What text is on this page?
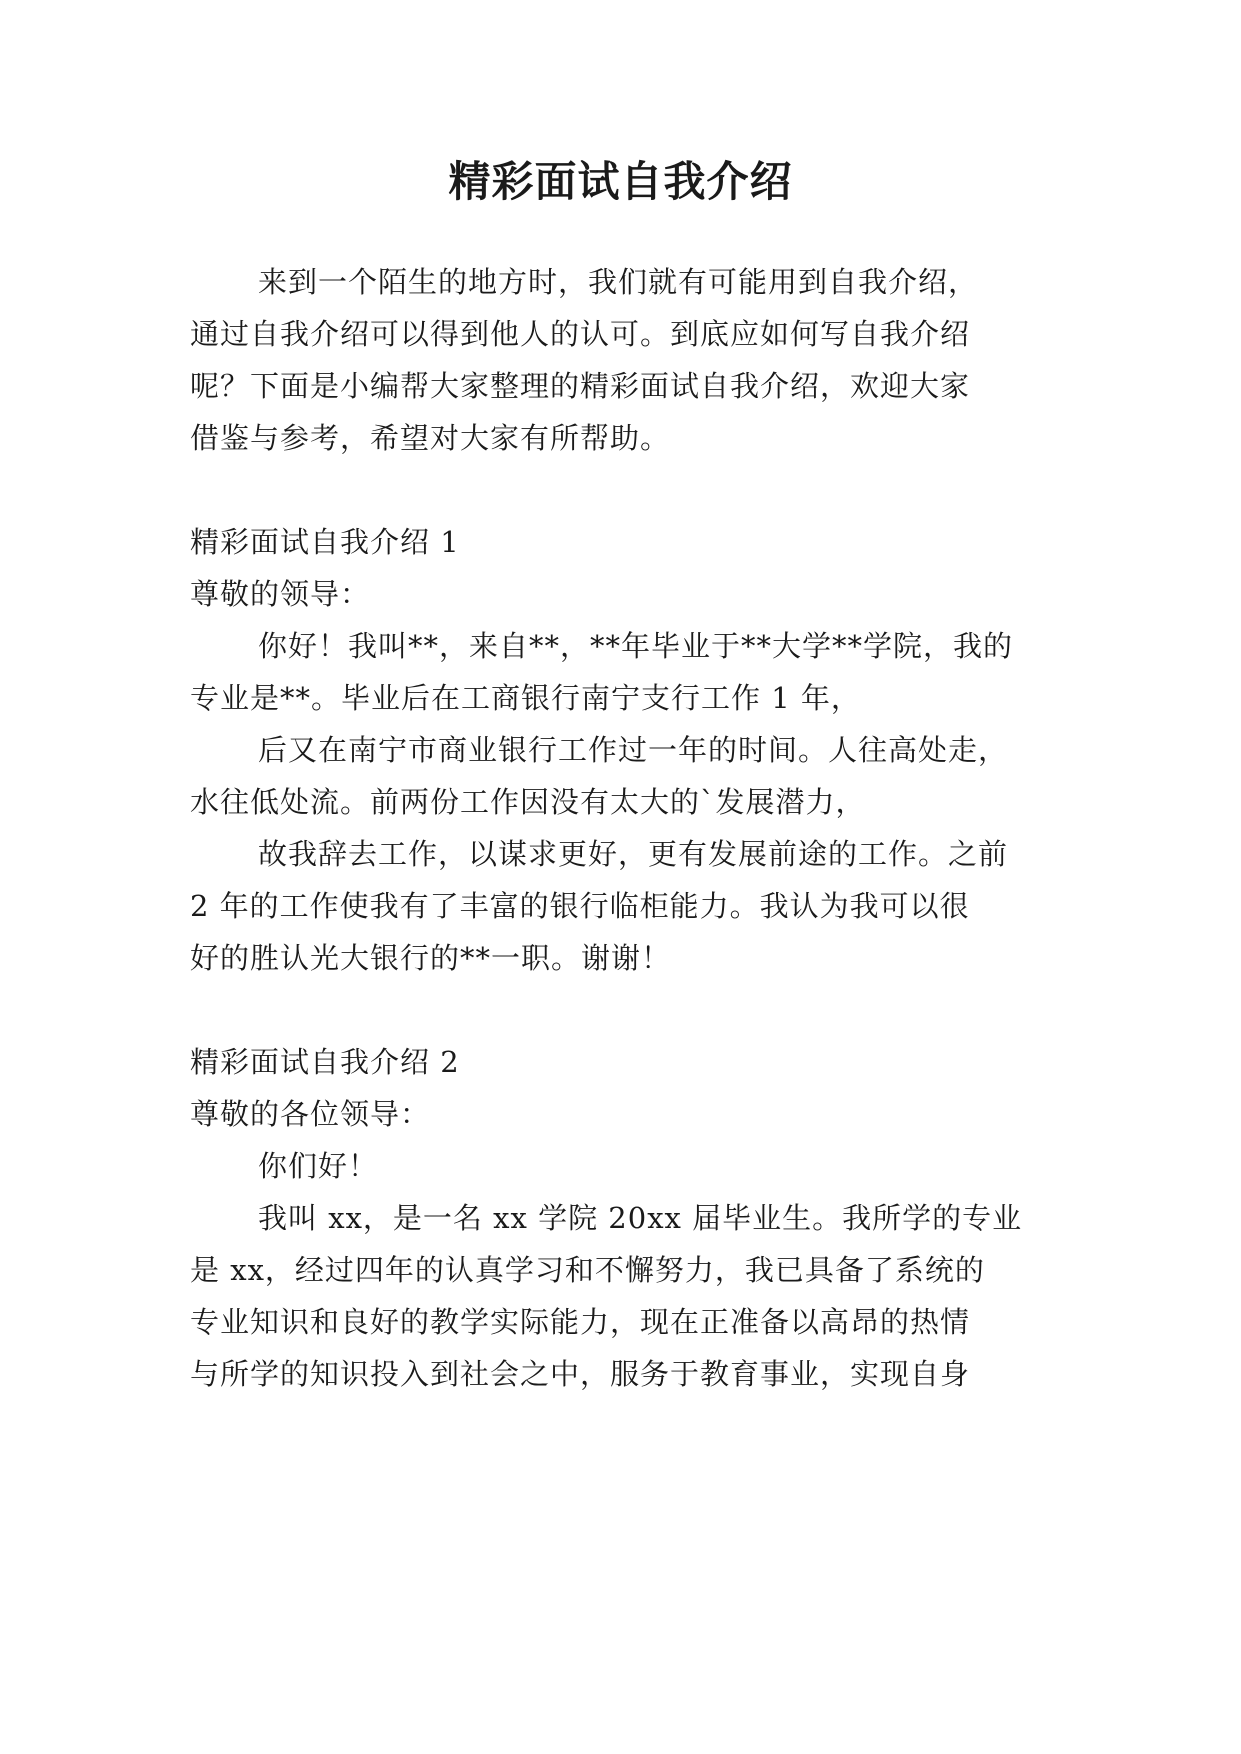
精彩面试自我介绍
来到一个陌生的地方时，我们就有可能用到自我介绍，
通过自我介绍可以得到他人的认可。到底应如何写自我介绍
呢？下面是小编帮大家整理的精彩面试自我介绍，欢迎大家
借鉴与参考，希望对大家有所帮助。
精彩面试自我介绍 1
尊敬的领导：
你好！我叫**，来自**，**年毕业于**大学**学院，我的
专业是**。毕业后在工商银行南宁支行工作 1 年，
后又在南宁市商业银行工作过一年的时间。人往高处走，
水往低处流。前两份工作因没有太大的`发展潜力，
故我辞去工作，以谋求更好，更有发展前途的工作。之前
2 年的工作使我有了丰富的银行临柜能力。我认为我可以很
好的胜认光大银行的**一职。谢谢！
精彩面试自我介绍 2
尊敬的各位领导：
你们好！
我叫 xx，是一名 xx 学院 20xx 届毕业生。我所学的专业
是 xx，经过四年的认真学习和不懈努力，我已具备了系统的
专业知识和良好的教学实际能力，现在正准备以高昂的热情
与所学的知识投入到社会之中，服务于教育事业，实现自身
